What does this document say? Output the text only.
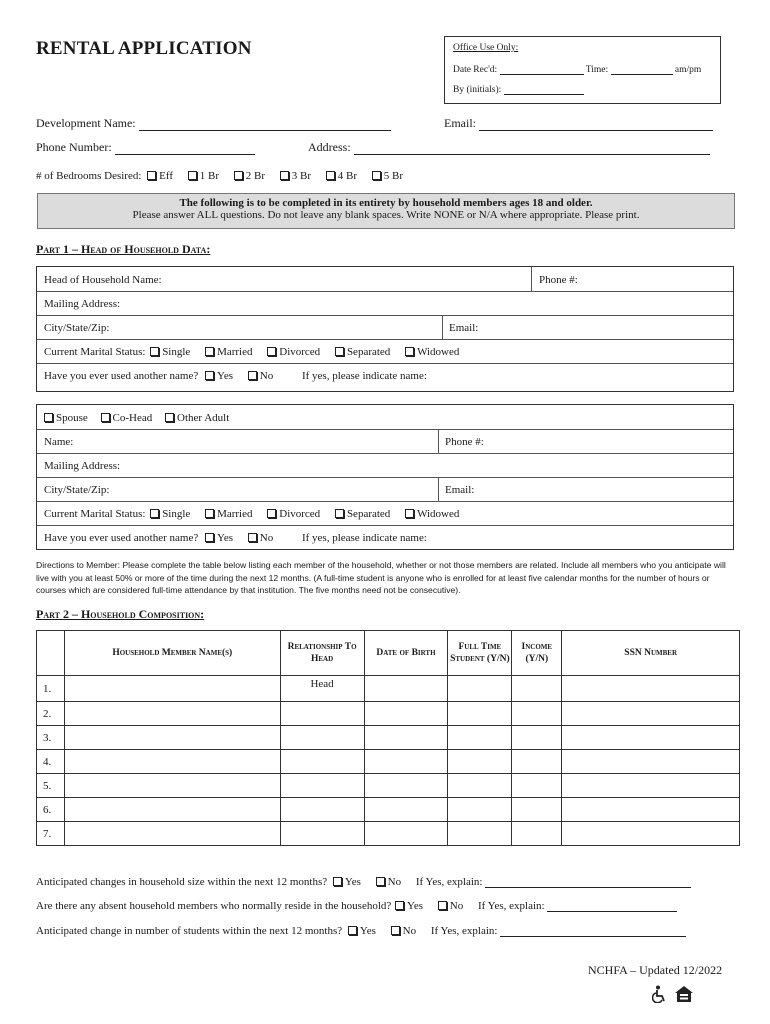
RENTAL APPLICATION	Office Use Only:
Date Rec'd:	Time:	am/pm
By (initials):
Development Name:	Email:
Phone Number:	Address:
# of Bedrooms Desired: Eff 1 Br 2 Br 3 Br 4 Br 5 Br
The following is to be completed in its entirety by household members ages 18 and older.
Please answer ALL questions. Do not leave any blank spaces. Write NONE or N/A where appropriate. Please print.
Part 1 – Head of Household Data:
Head of Household Name:	Phone #:
Mailing Address:
City/State/Zip:	Email:
Current Marital Status: Single Married Divorced Separated Widowed
Have you ever used another name? Yes No	If yes, please indicate name:
Spouse Co-Head Other Adult
Name:	Phone #:
Mailing Address:
City/State/Zip:	Email:
Current Marital Status: Single Married Divorced Separated Widowed
Have you ever used another name? Yes No	If yes, please indicate name:
Directions to Member: Please complete the table below listing each member of the household, whether or not those members are related. Include all members who you anticipate will live with you at least 50% or more of the time during the next 12 months. (A full-time student is anyone who is enrolled for at least five calendar months for the number of hours or courses which are considered full-time attendance by that institution. The five months need not be consecutive).
Part 2 – Household Composition:
	Household Member Name(s)	Relationship To Head	Date of Birth	Full Time Student (Y/N)	Income (Y/N)	SSN Number
1.		Head				
2.						
3.						
4.						
5.						
6.						
7.						
Anticipated changes in household size within the next 12 months? Yes No If Yes, explain:
Are there any absent household members who normally reside in the household? Yes No If Yes, explain:
Anticipated change in number of students within the next 12 months? Yes No If Yes, explain:
NCHFA – Updated 12/2022
